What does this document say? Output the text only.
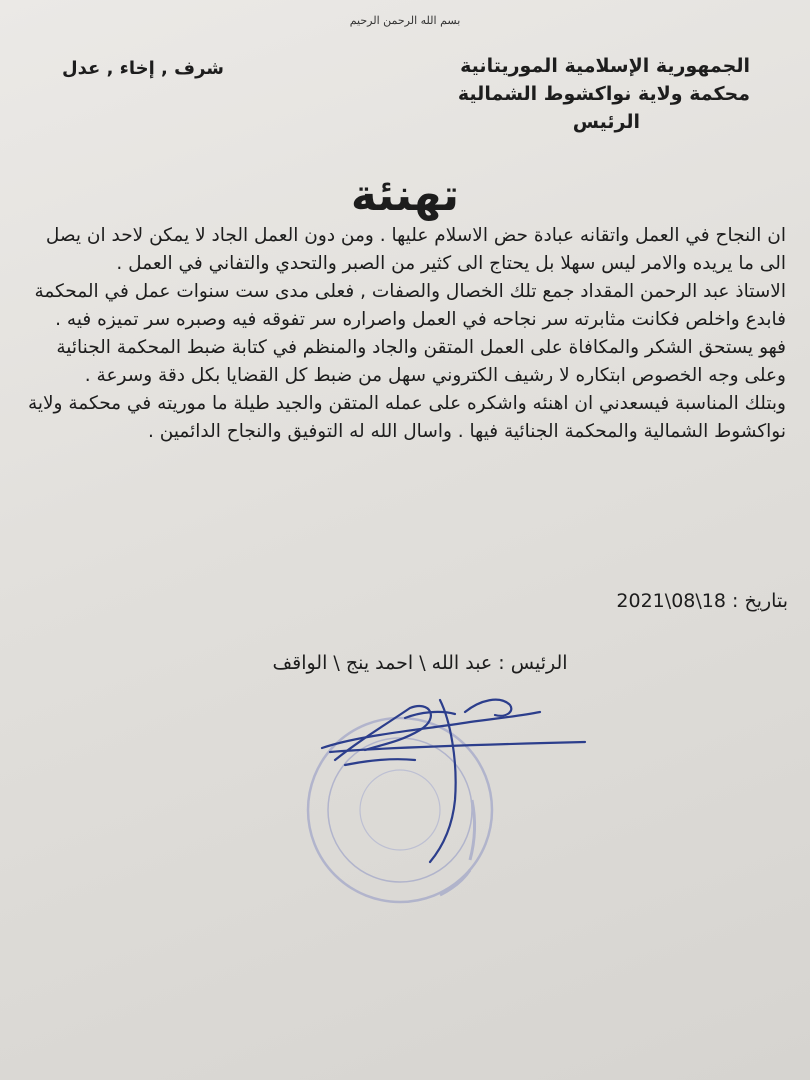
بسم الله الرحمن الرحيم
الجمهورية الإسلامية الموريتانية
محكمة ولاية نواكشوط الشمالية
الرئيس
شرف , إخاء , عدل
تهنئة

ان النجاح في العمل واتقانه عبادة حض الاسلام عليها . ومن دون العمل الجاد لا يمكن لاحد ان يصل الى ما يريده والامر ليس سهلا بل يحتاج الى كثير من الصبر والتحدي والتفاني في العمل .

الاستاذ عبد الرحمن المقداد جمع تلك الخصال والصفات , فعلى مدى ست سنوات عمل في المحكمة فابدع واخلص فكانت مثابرته سر نجاحه في العمل واصراره سر تفوقه فيه وصبره سر تميزه فيه .

فهو يستحق الشكر والمكافاة على العمل المتقن والجاد والمنظم في كتابة ضبط المحكمة الجنائية وعلى وجه الخصوص ابتكاره لا رشيف الكتروني سهل من ضبط كل القضايا بكل دقة وسرعة .

وبتلك المناسبة فيسعدني ان اهنئه واشكره على عمله المتقن والجيد طيلة ما موريته في محكمة ولاية نواكشوط الشمالية والمحكمة الجنائية فيها . واسال الله له التوفيق والنجاح الدائمين .

بتاريخ : 18\08\2021
الرئيس : عبد الله \ احمد ينج \ الواقف
